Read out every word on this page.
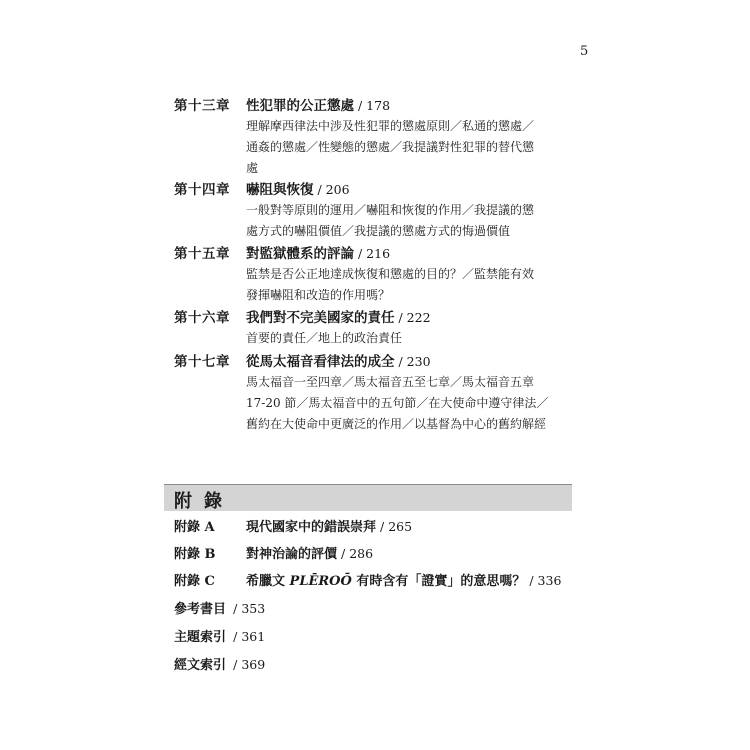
5
第十三章	性犯罪的公正懲處 / 178
理解摩西律法中涉及性犯罪的懲處原則／私通的懲處／
通姦的懲處／性變態的懲處／我提議對性犯罪的替代懲
處
第十四章	嚇阻與恢復 / 206
一般對等原則的運用／嚇阻和恢復的作用／我提議的懲
處方式的嚇阻價值／我提議的懲處方式的悔過價值
第十五章	對監獄體系的評論 / 216
監禁是否公正地達成恢復和懲處的目的？／監禁能有效
發揮嚇阻和改造的作用嗎？
第十六章	我們對不完美國家的責任 / 222
首要的責任／地上的政治責任
第十七章	從馬太福音看律法的成全 / 230
馬太福音一至四章／馬太福音五至七章／馬太福音五章
17-20 節／馬太福音中的五句節／在大使命中遵守律法／
舊約在大使命中更廣泛的作用／以基督為中心的舊約解經
附錄
附錄 A	現代國家中的錯誤崇拜 / 265
附錄 B	對神治論的評價 / 286
附錄 C	希臘文 PLĒROŌ 有時含有「證實」的意思嗎？ / 336
參考書目 / 353
主題索引 / 361
經文索引 / 369
